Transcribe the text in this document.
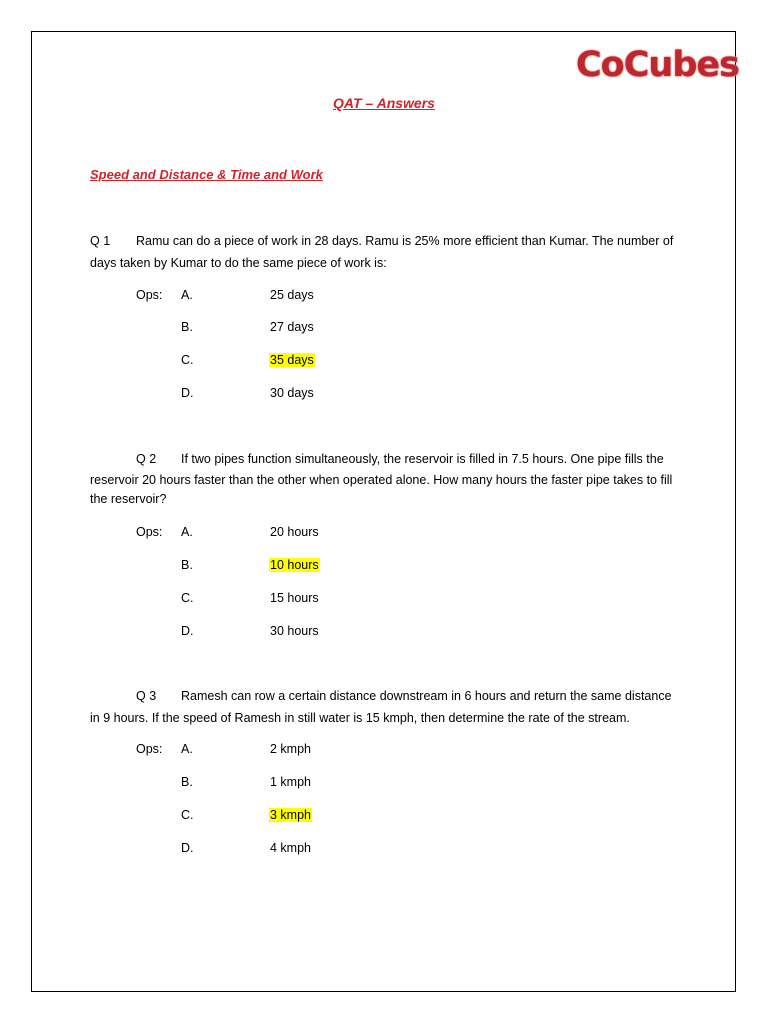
CoCubes
QAT – Answers
Speed and Distance & Time and Work
Q 1 Ramu can do a piece of work in 28 days. Ramu is 25% more efficient than Kumar. The number of
days taken by Kumar to do the same piece of work is:
Ops: A.	25 days
B.	27 days
C.	35 days
D.	30 days
Q 2 If two pipes function simultaneously, the reservoir is filled in 7.5 hours. One pipe fills the
reservoir 20 hours faster than the other when operated alone. How many hours the faster pipe takes to fill the reservoir?
Ops: A.	20 hours
B.	10 hours
C.	15 hours
D.	30 hours
Q 3 Ramesh can row a certain distance downstream in 6 hours and return the same distance
in 9 hours. If the speed of Ramesh in still water is 15 kmph, then determine the rate of the stream.
Ops: A.	2 kmph
B.	1 kmph
C.	3 kmph
D.	4 kmph
